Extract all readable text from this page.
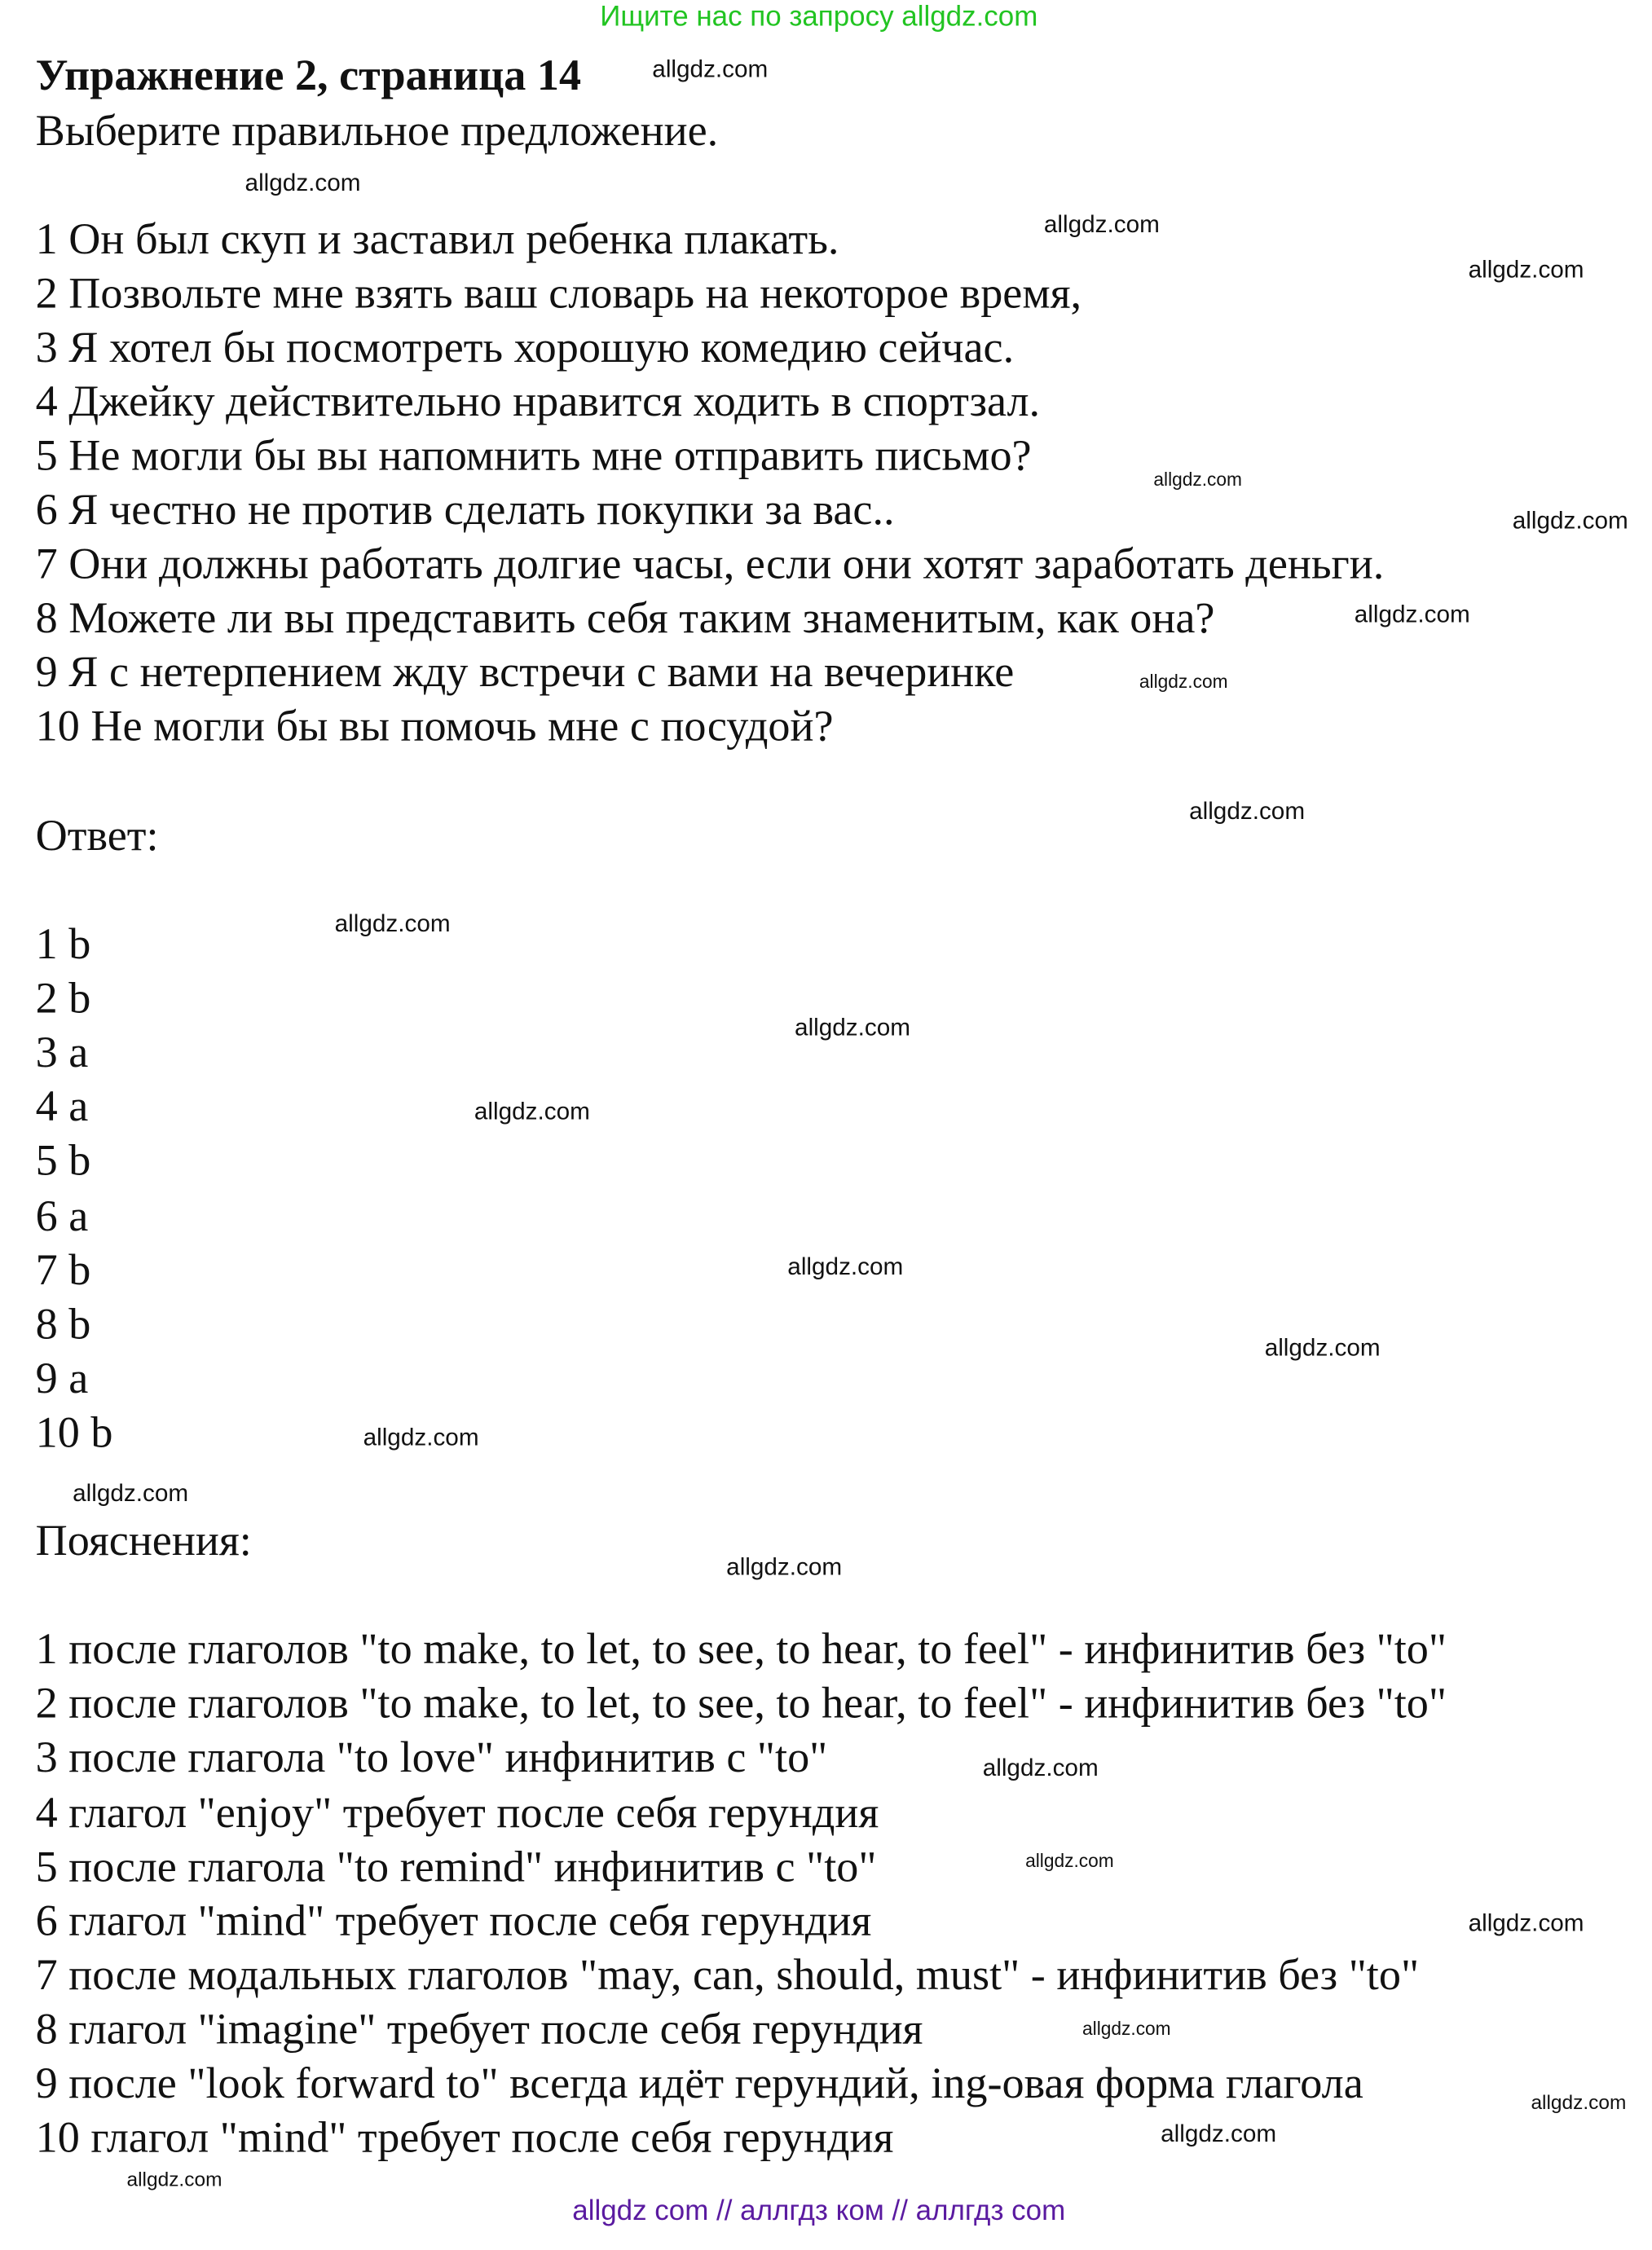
Ищите нас по запросу allgdz.com
Упражнение 2, страница 14
Выберите правильное предложение.
1 Он был скуп и заставил ребенка плакать.
2 Позвольте мне взять ваш словарь на некоторое время,
3 Я хотел бы посмотреть хорошую комедию сейчас.
4 Джейку действительно нравится ходить в спортзал.
5 Не могли бы вы напомнить мне отправить письмо?
6 Я честно не против сделать покупки за вас..
7 Они должны работать долгие часы, если они хотят заработать деньги.
8 Можете ли вы представить себя таким знаменитым, как она?
9 Я с нетерпением жду встречи с вами на вечеринке
10 Не могли бы вы помочь мне с посудой?
Ответ:
1 b
2 b
3 a
4 a
5 b
6 a
7 b
8 b
9 a
10 b
Пояснения:
1 после глаголов "to make, to let, to see, to hear, to feel" - инфинитив без "to"
2 после глаголов "to make, to let, to see, to hear, to feel" - инфинитив без "to"
3 после глагола "to love" инфинитив с "to"
4 глагол "enjoy" требует после себя герундия
5 после глагола "to remind" инфинитив с "to"
6 глагол "mind" требует после себя герундия
7 после модальных глаголов "may, can, should, must" - инфинитив без "to"
8 глагол "imagine" требует после себя герундия
9 после "look forward to" всегда идёт герундий, ing-овая форма глагола
10 глагол "mind" требует после себя герундия
allgdz.com
allgdz.com
allgdz.com
allgdz.com
allgdz.com
allgdz.com
allgdz.com
allgdz.com
allgdz.com
allgdz.com
allgdz.com
allgdz.com
allgdz.com
allgdz.com
allgdz.com
allgdz.com
allgdz.com
allgdz.com
allgdz.com
allgdz.com
allgdz.com
allgdz.com
allgdz.com
allgdz.com
allgdz com // аллгдз ком // аллгдз com
